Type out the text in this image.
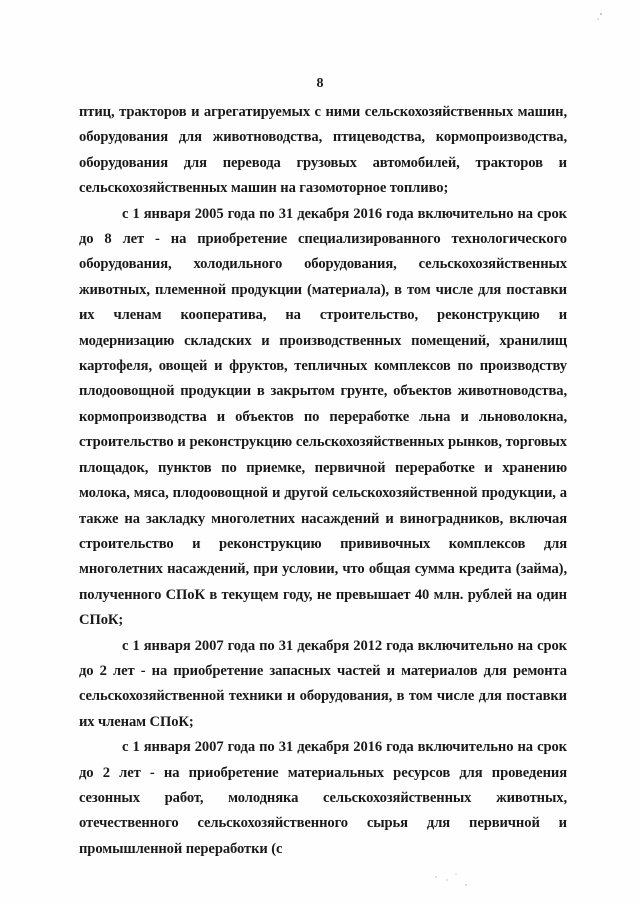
8

птиц, тракторов и агрегатируемых с ними сельскохозяйственных машин, оборудования для животноводства, птицеводства, кормопроизводства, оборудования для перевода грузовых автомобилей, тракторов и сельскохозяйственных машин на газомоторное топливо;

с 1 января 2005 года по 31 декабря 2016 года включительно на срок до 8 лет - на приобретение специализированного технологического оборудования, холодильного оборудования, сельскохозяйственных животных, племенной продукции (материала), в том числе для поставки их членам кооператива, на строительство, реконструкцию и модернизацию складских и производственных помещений, хранилищ картофеля, овощей и фруктов, тепличных комплексов по производству плодоовощной продукции в закрытом грунте, объектов животноводства, кормопроизводства и объектов по переработке льна и льноволокна, строительство и реконструкцию сельскохозяйственных рынков, торговых площадок, пунктов по приемке, первичной переработке и хранению молока, мяса, плодоовощной и другой сельскохозяйственной продукции, а также на закладку многолетних насаждений и виноградников, включая строительство и реконструкцию прививочных комплексов для многолетних насаждений, при условии, что общая сумма кредита (займа), полученного СПоК в текущем году, не превышает 40 млн. рублей на один СПоК;

с 1 января 2007 года по 31 декабря 2012 года включительно на срок до 2 лет - на приобретение запасных частей и материалов для ремонта сельскохозяйственной техники и оборудования, в том числе для поставки их членам СПоК;

с 1 января 2007 года по 31 декабря 2016 года включительно на срок до 2 лет - на приобретение материальных ресурсов для проведения сезонных работ, молодняка сельскохозяйственных животных, отечественного сельскохозяйственного сырья для первичной и промышленной переработки (с
